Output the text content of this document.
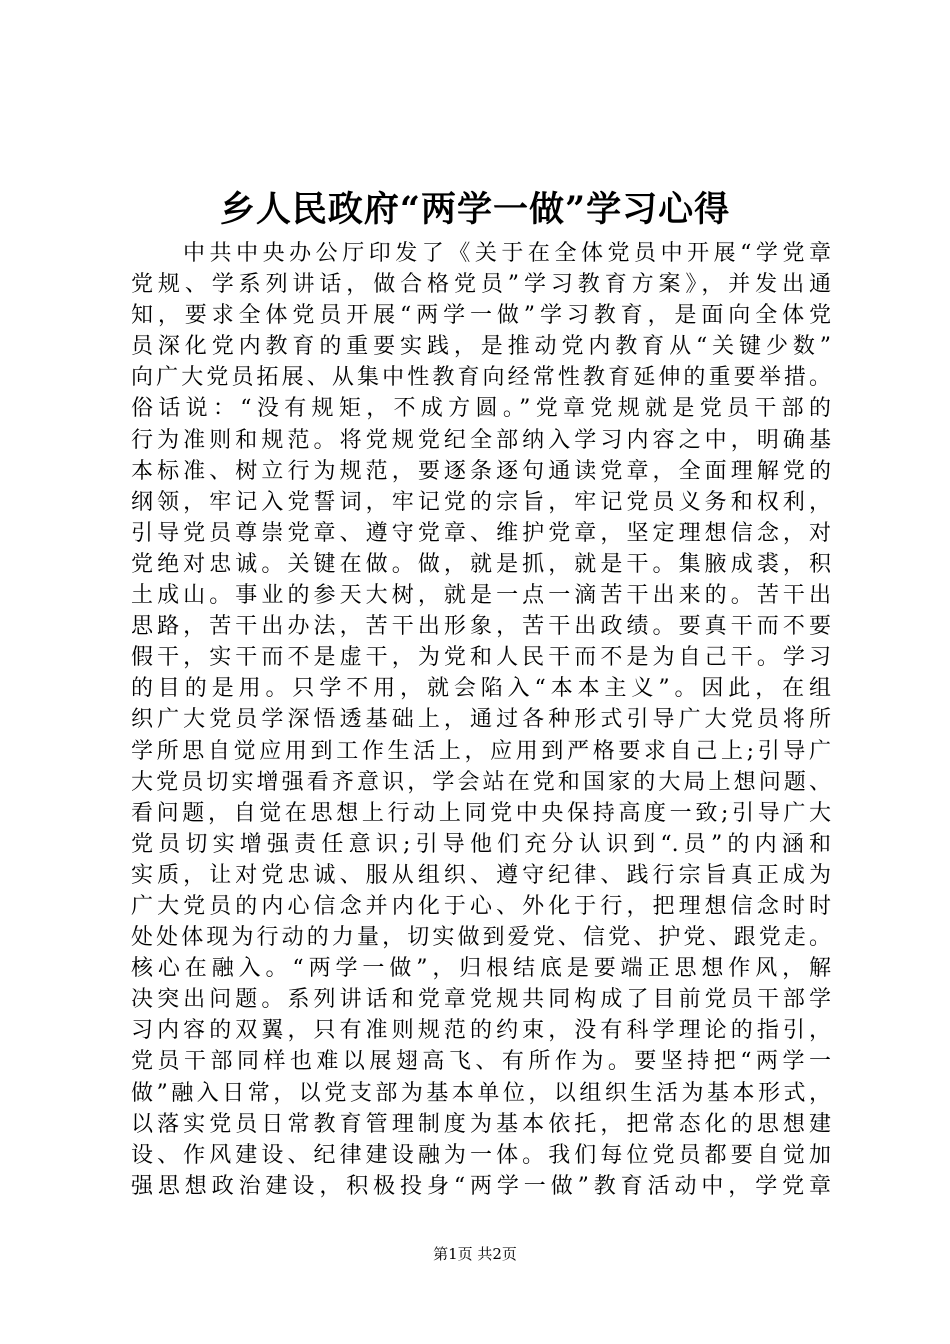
乡人民政府“两学一做”学习心得
中共中央办公厅印发了《关于在全体党员中开展“学党章
党规、学系列讲话，做合格党员”学习教育方案》，并发出通
知，要求全体党员开展“两学一做”学习教育，是面向全体党
员深化党内教育的重要实践，是推动党内教育从“关键少数”
向广大党员拓展、从集中性教育向经常性教育延伸的重要举措。
俗话说：“没有规矩，不成方圆。”党章党规就是党员干部的
行为准则和规范。将党规党纪全部纳入学习内容之中，明确基
本标准、树立行为规范，要逐条逐句通读党章，全面理解党的
纲领，牢记入党誓词，牢记党的宗旨，牢记党员义务和权利，
引导党员尊崇党章、遵守党章、维护党章，坚定理想信念，对
党绝对忠诚。关键在做。做，就是抓，就是干。集腋成裘，积
土成山。事业的参天大树，就是一点一滴苦干出来的。苦干出
思路，苦干出办法，苦干出形象，苦干出政绩。要真干而不要
假干，实干而不是虚干，为党和人民干而不是为自己干。学习
的目的是用。只学不用，就会陷入“本本主义”。因此，在组
织广大党员学深悟透基础上，通过各种形式引导广大党员将所
学所思自觉应用到工作生活上，应用到严格要求自己上;引导广
大党员切实增强看齐意识，学会站在党和国家的大局上想问题、
看问题，自觉在思想上行动上同党中央保持高度一致;引导广大
党员切实增强责任意识;引导他们充分认识到“.员”的内涵和
实质，让对党忠诚、服从组织、遵守纪律、践行宗旨真正成为
广大党员的内心信念并内化于心、外化于行，把理想信念时时
处处体现为行动的力量，切实做到爱党、信党、护党、跟党走。
核心在融入。“两学一做”，归根结底是要端正思想作风，解
决突出问题。系列讲话和党章党规共同构成了目前党员干部学
习内容的双翼，只有准则规范的约束，没有科学理论的指引，
党员干部同样也难以展翅高飞、有所作为。要坚持把“两学一
做”融入日常，以党支部为基本单位，以组织生活为基本形式，
以落实党员日常教育管理制度为基本依托，把常态化的思想建
设、作风建设、纪律建设融为一体。我们每位党员都要自觉加
强思想政治建设，积极投身“两学一做”教育活动中，学党章
第1页 共2页
